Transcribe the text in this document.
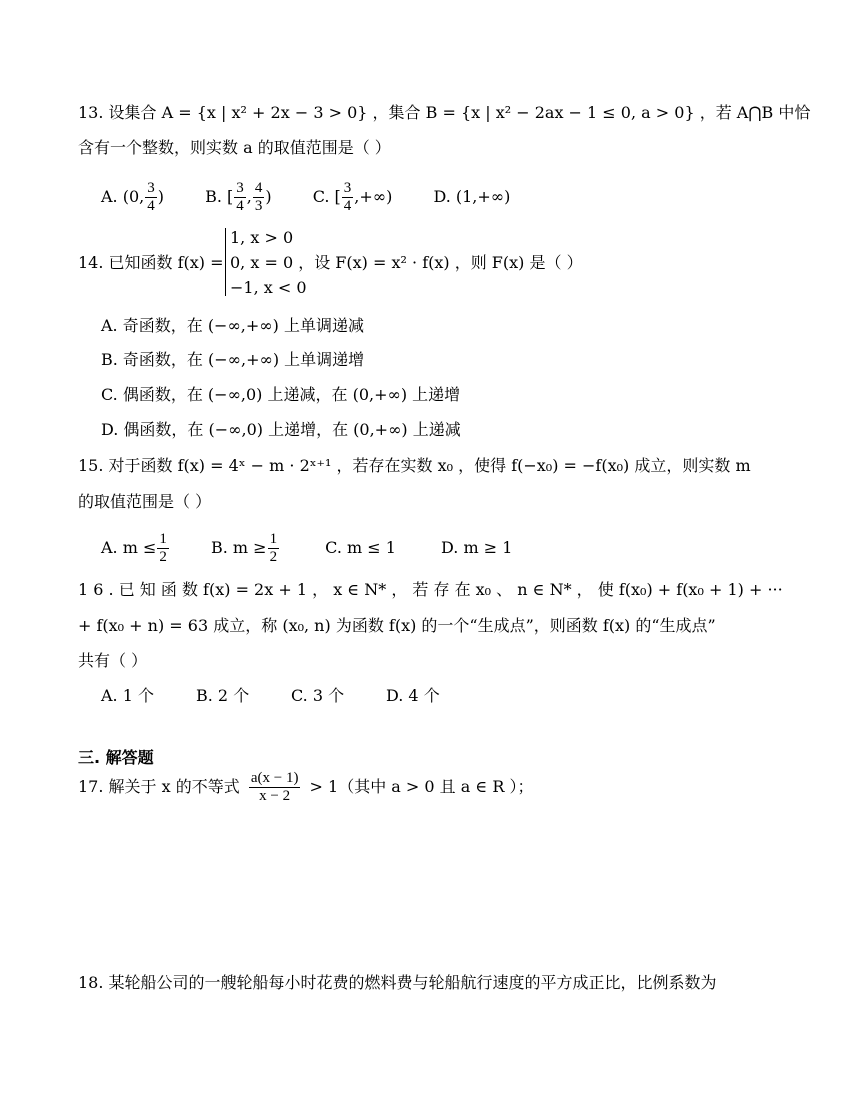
13. 设集合 A = {x | x² + 2x − 3 > 0} ，集合 B = {x | x² − 2ax − 1 ≤ 0, a > 0} ，若 A⋂B 中恰
含有一个整数，则实数 a 的取值范围是（ ）
A. (0, $\frac{3}{4}$ )	B. [ $\frac{3}{4}$ , $\frac{4}{3}$ )	C. [ $\frac{3}{4}$ ,+∞)	D. (1,+∞)
14. 已知函数 f(x) =
1, x > 0
0, x = 0 ，设 F(x) = x² · f(x) ，则 F(x) 是（ ）
−1, x < 0
A. 奇函数，在 (−∞,+∞) 上单调递减
B. 奇函数，在 (−∞,+∞) 上单调递增
C. 偶函数，在 (−∞,0) 上递减，在 (0,+∞) 上递增
D. 偶函数，在 (−∞,0) 上递增，在 (0,+∞) 上递减
15. 对于函数 f(x) = 4ˣ − m · 2ˣ⁺¹ ，若存在实数 x₀ ，使得 f(−x₀) = −f(x₀) 成立，则实数 m
的取值范围是（ ）
A. $m \le \frac{1}{2}$	B. $m \ge \frac{1}{2}$	C. m ≤ 1	D. m ≥ 1
1 6 . 已 知 函 数 f(x) = 2x + 1 ， x ∈ N* ， 若 存 在 x₀ 、 n ∈ N* ， 使 f(x₀) + f(x₀ + 1) + ···
+ f(x₀ + n) = 63 成立，称 (x₀, n) 为函数 f(x) 的一个“生成点”，则函数 f(x) 的“生成点”
共有（ ）
A. 1 个	B. 2 个	C. 3 个	D. 4 个
三. 解答题
17. 解关于 x 的不等式 $\frac{a(x - 1)}{x - 2} > 1$（其中 a > 0 且 a ∈ R ）；
18. 某轮船公司的一艘轮船每小时花费的燃料费与轮船航行速度的平方成正比，比例系数为
